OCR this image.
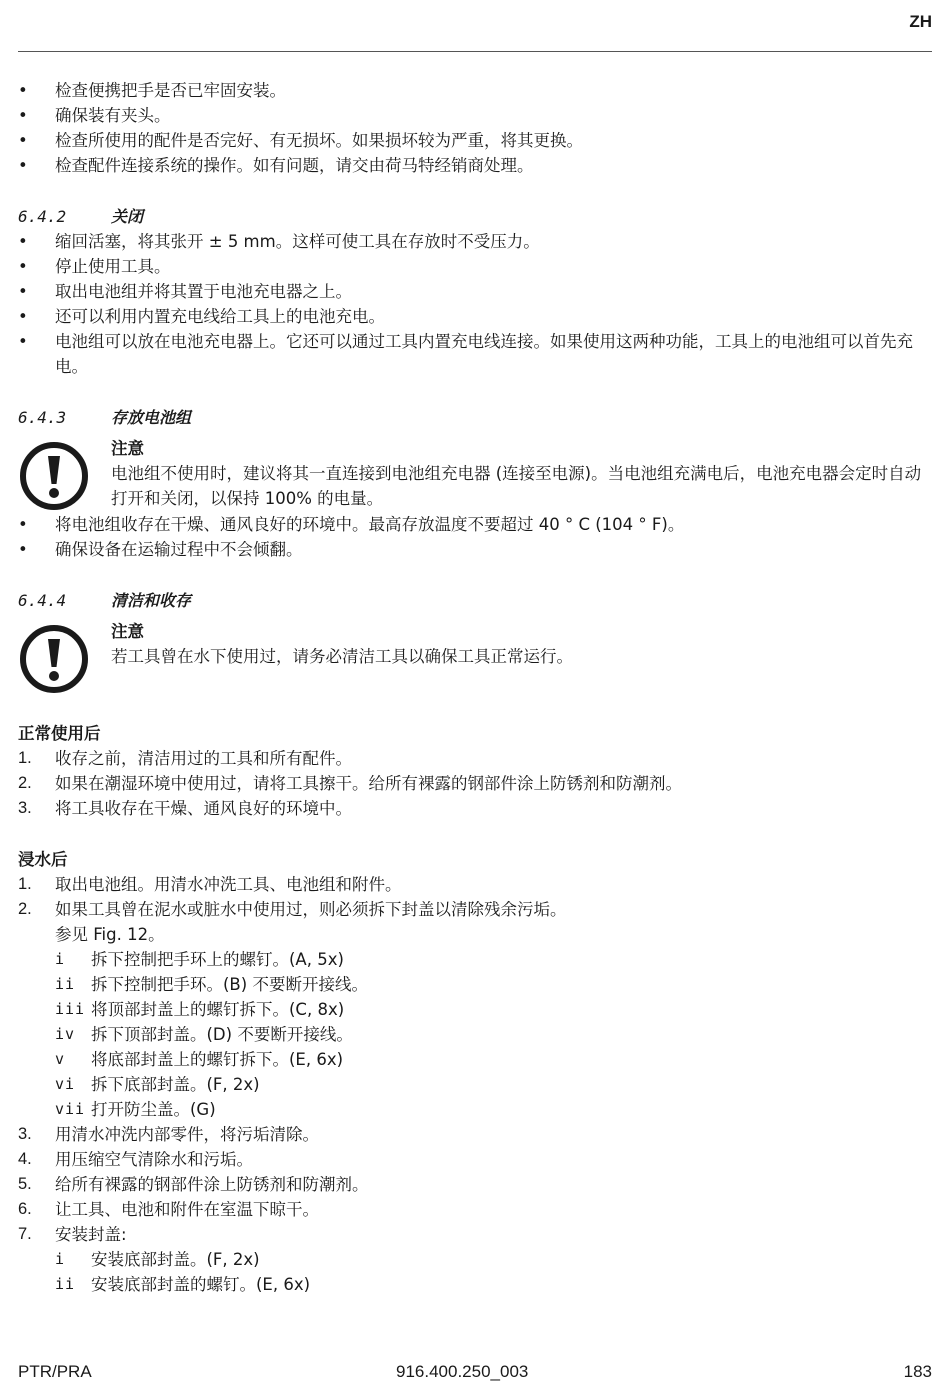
ZH
• 检查便携把手是否已牢固安装。
• 确保装有夹头。
• 检查所使用的配件是否完好、有无损坏。如果损坏较为严重，将其更换。
• 检查配件连接系统的操作。如有问题，请交由荷马特经销商处理。
6.4.2	关闭
• 缩回活塞，将其张开 ± 5 mm。这样可使工具在存放时不受压力。
• 停止使用工具。
• 取出电池组并将其置于电池充电器之上。
• 还可以利用内置充电线给工具上的电池充电。
• 电池组可以放在电池充电器上。它还可以通过工具内置充电线连接。如果使用这两种功能，工具上的电池组可以首先充电。
6.4.3	存放电池组
注意
电池组不使用时，建议将其一直连接到电池组充电器 (连接至电源)。当电池组充满电后，电池充电器会定时自动打开和关闭，以保持 100% 的电量。
• 将电池组收存在干燥、通风良好的环境中。最高存放温度不要超过 40 ° C (104 ° F)。
• 确保设备在运输过程中不会倾翻。
6.4.4	清洁和收存
注意
若工具曾在水下使用过，请务必清洁工具以确保工具正常运行。
正常使用后
1.	收存之前，清洁用过的工具和所有配件。
2.	如果在潮湿环境中使用过，请将工具擦干。给所有裸露的钢部件涂上防锈剂和防潮剂。
3.	将工具收存在干燥、通风良好的环境中。
浸水后
1.	取出电池组。用清水冲洗工具、电池组和附件。
2.	如果工具曾在泥水或脏水中使用过，则必须拆下封盖以清除残余污垢。
参见 Fig. 12。
i	拆下控制把手环上的螺钉。(A, 5x)
ii 拆下控制把手环。(B) 不要断开接线。
iii 将顶部封盖上的螺钉拆下。(C, 8x)
iv 拆下顶部封盖。(D) 不要断开接线。
v	将底部封盖上的螺钉拆下。(E, 6x)
vi 拆下底部封盖。(F, 2x)
vii 打开防尘盖。(G)
3.	用清水冲洗内部零件，将污垢清除。
4.	用压缩空气清除水和污垢。
5.	给所有裸露的钢部件涂上防锈剂和防潮剂。
6.	让工具、电池和附件在室温下晾干。
7.	安装封盖:
i	安装底部封盖。(F, 2x)
ii 安装底部封盖的螺钉。(E, 6x)
PTR/PRA	916.400.250_003	183
